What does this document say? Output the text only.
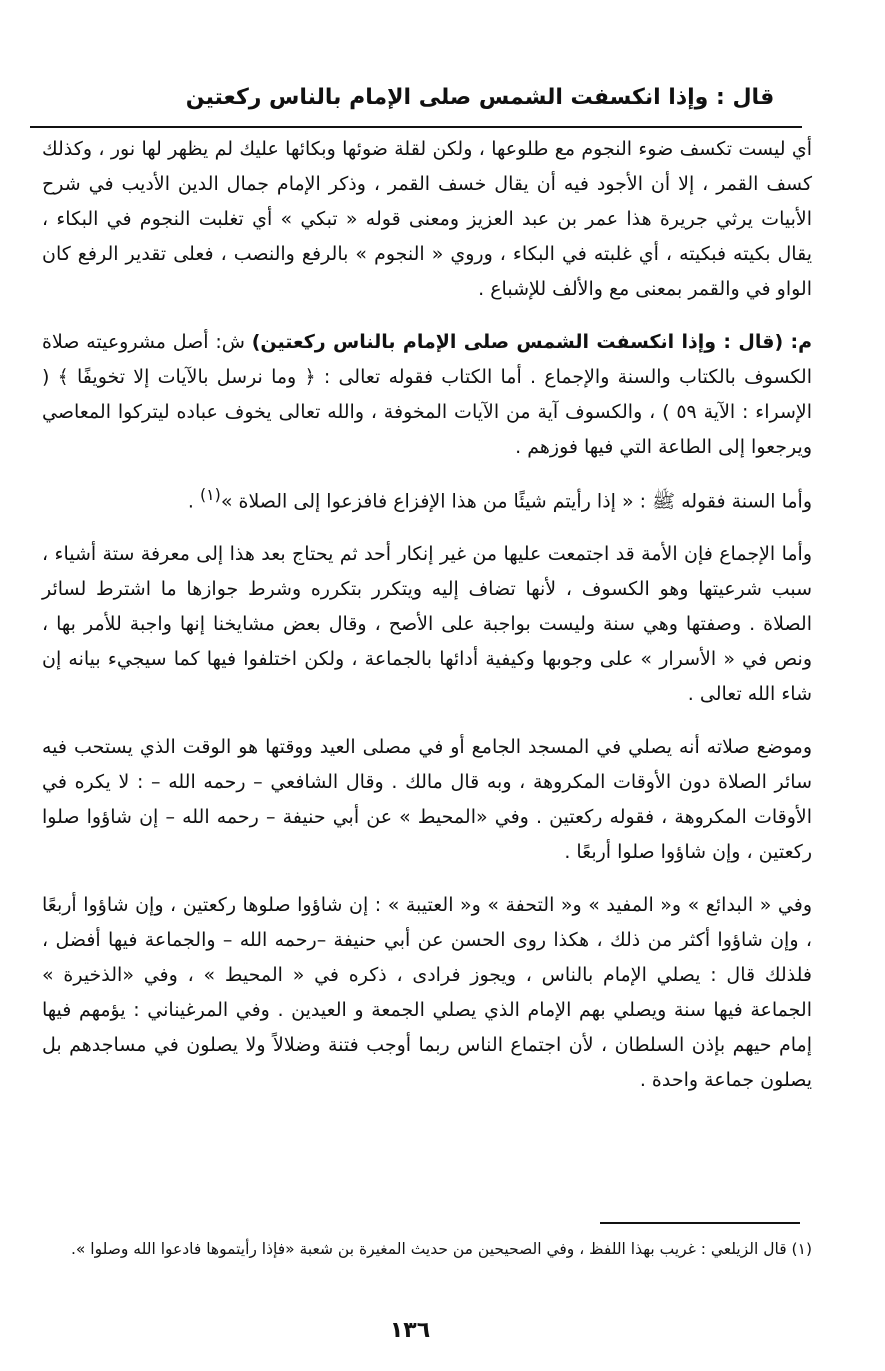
قال : وإذا انكسفت الشمس صلى الإمام بالناس ركعتين

أي ليست تكسف ضوء النجوم مع طلوعها ، ولكن لقلة ضوئها وبكائها عليك لم يظهر لها نور ، وكذلك كسف القمر ، إلا أن الأجود فيه أن يقال خسف القمر ، وذكر الإمام جمال الدين الأديب في شرح الأبيات يرثي جريرة هذا عمر بن عبد العزيز ومعنى قوله « تبكي » أي تغلبت النجوم في البكاء ، يقال بكيته فبكيته ، أي غلبته في البكاء ، وروي « النجوم » بالرفع والنصب ، فعلى تقدير الرفع كان الواو في والقمر بمعنى مع والألف للإشباع .

م: (قال : وإذا انكسفت الشمس صلى الإمام بالناس ركعتين) ش: أصل مشروعيته صلاة الكسوف بالكتاب والسنة والإجماع . أما الكتاب فقوله تعالى : ﴿ وما نرسل بالآيات إلا تخويفًا ﴾ ( الإسراء : الآية ٥٩ ) ، والكسوف آية من الآيات المخوفة ، والله تعالى يخوف عباده ليتركوا المعاصي ويرجعوا إلى الطاعة التي فيها فوزهم .

وأما السنة فقوله ﷺ : « إذا رأيتم شيئًا من هذا الإفزاع فافزعوا إلى الصلاة »$^{(١)}$ .

وأما الإجماع فإن الأمة قد اجتمعت عليها من غير إنكار أحد ثم يحتاج بعد هذا إلى معرفة ستة أشياء ، سبب شرعيتها وهو الكسوف ، لأنها تضاف إليه ويتكرر بتكرره وشرط جوازها ما اشترط لسائر الصلاة . وصفتها وهي سنة وليست بواجبة على الأصح ، وقال بعض مشايخنا إنها واجبة للأمر بها ، ونص في « الأسرار » على وجوبها وكيفية أدائها بالجماعة ، ولكن اختلفوا فيها كما سيجيء بيانه إن شاء الله تعالى .

وموضع صلاته أنه يصلي في المسجد الجامع أو في مصلى العيد ووقتها هو الوقت الذي يستحب فيه سائر الصلاة دون الأوقات المكروهة ، وبه قال مالك . وقال الشافعي – رحمه الله – : لا يكره في الأوقات المكروهة ، فقوله ركعتين . وفي «المحيط » عن أبي حنيفة – رحمه الله – إن شاؤوا صلوا ركعتين ، وإن شاؤوا صلوا أربعًا .

وفي « البدائع » و« المفيد » و« التحفة » و« العتيبة » : إن شاؤوا صلوها ركعتين ، وإن شاؤوا أربعًا ، وإن شاؤوا أكثر من ذلك ، هكذا روى الحسن عن أبي حنيفة –رحمه الله – والجماعة فيها أفضل ، فلذلك قال : يصلي الإمام بالناس ، ويجوز فرادى ، ذكره في « المحيط » ، وفي «الذخيرة » الجماعة فيها سنة ويصلي بهم الإمام الذي يصلي الجمعة و العيدين . وفي المرغيناني : يؤمهم فيها إمام حيهم بإذن السلطان ، لأن اجتماع الناس ربما أوجب فتنة وضلالاً ولا يصلون في مساجدهم بل يصلون جماعة واحدة .

(١) قال الزيلعي : غريب بهذا اللفظ ، وفي الصحيحين من حديث المغيرة بن شعبة «فإذا رأيتموها فادعوا الله وصلوا ».
١٣٦
